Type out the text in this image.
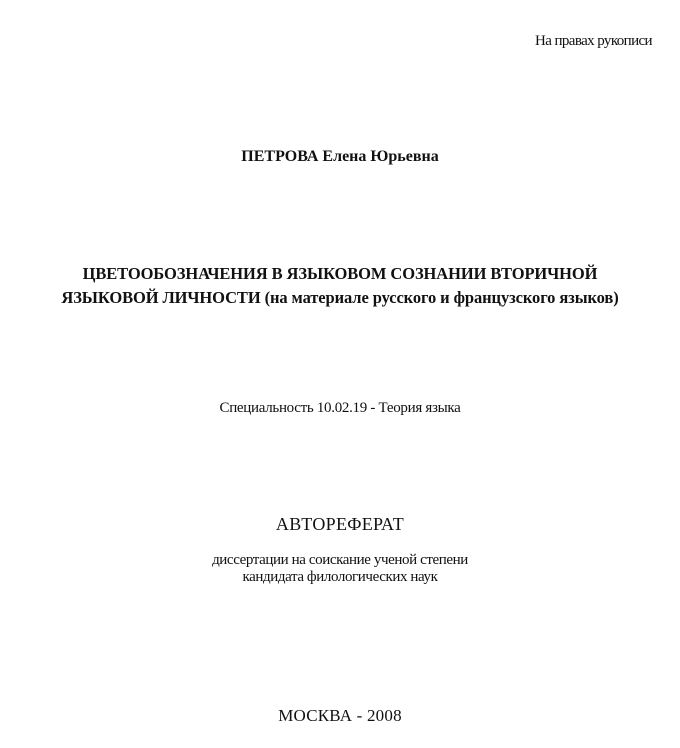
На правах рукописи
ПЕТРОВА Елена Юрьевна
ЦВЕТООБОЗНАЧЕНИЯ В ЯЗЫКОВОМ СОЗНАНИИ ВТОРИЧНОЙ
ЯЗЫКОВОЙ ЛИЧНОСТИ (на материале русского и французского языков)
Специальность 10.02.19 - Теория языка
АВТОРЕФЕРАТ
диссертации на соискание ученой степени
кандидата филологических наук
МОСКВА - 2008
